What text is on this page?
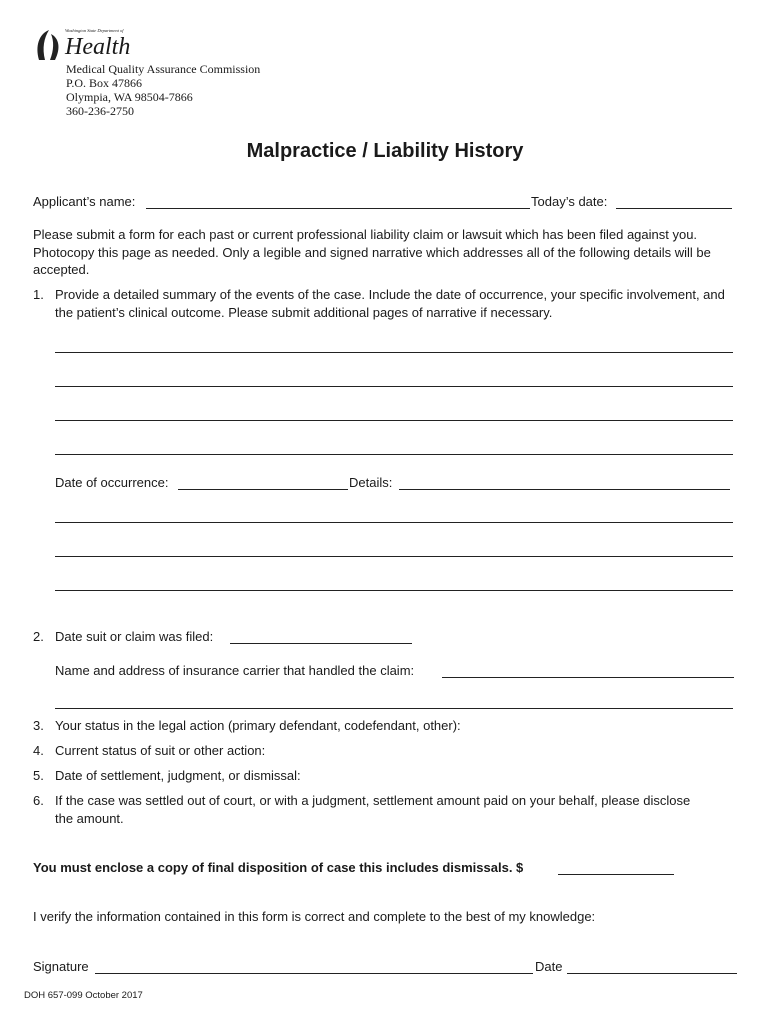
Washington State Department of
Health
Medical Quality Assurance Commission
P.O. Box 47866
Olympia, WA 98504-7866
360-236-2750
Malpractice / Liability History
Applicant’s name:	Today’s date:
Please submit a form for each past or current professional liability claim or lawsuit which has been filed against you. Photocopy this page as needed. Only a legible and signed narrative which addresses all of the following details will be accepted.
1. Provide a detailed summary of the events of the case. Include the date of occurrence, your specific involvement, and the patient’s clinical outcome. Please submit additional pages of narrative if necessary.
Date of occurrence:	Details:
2. Date suit or claim was filed:
Name and address of insurance carrier that handled the claim:
3. Your status in the legal action (primary defendant, codefendant, other):
4. Current status of suit or other action:
5. Date of settlement, judgment, or dismissal:
6. If the case was settled out of court, or with a judgment, settlement amount paid on your behalf, please disclose the amount.
You must enclose a copy of final disposition of case this includes dismissals. $
I verify the information contained in this form is correct and complete to the best of my knowledge:
Signature	Date
DOH 657-099 October 2017
